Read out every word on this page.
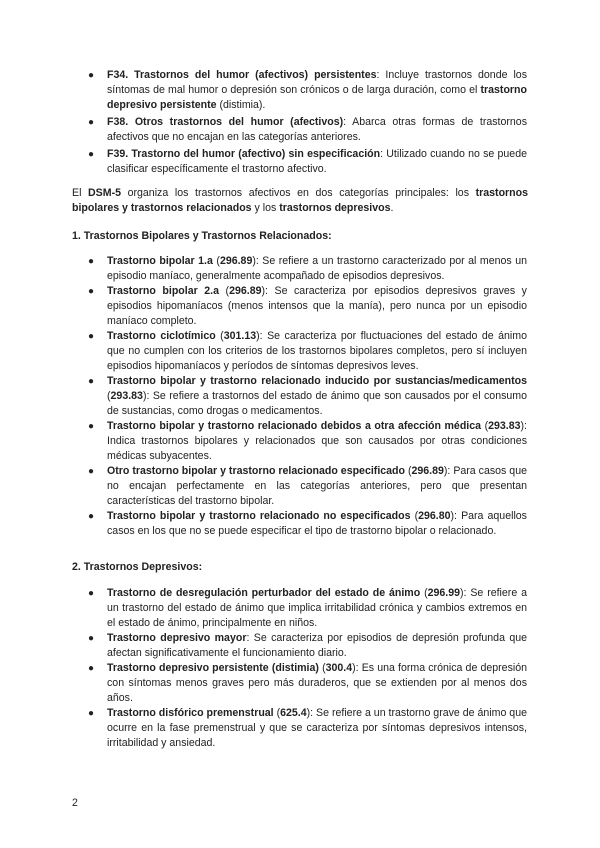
● F34. Trastornos del humor (afectivos) persistentes: Incluye trastornos donde los síntomas de mal humor o depresión son crónicos o de larga duración, como el trastorno depresivo persistente (distimia).
● F38. Otros trastornos del humor (afectivos): Abarca otras formas de trastornos afectivos que no encajan en las categorías anteriores.
● F39. Trastorno del humor (afectivo) sin especificación: Utilizado cuando no se puede clasificar específicamente el trastorno afectivo.

El DSM-5 organiza los trastornos afectivos en dos categorías principales: los trastornos bipolares y trastornos relacionados y los trastornos depresivos.

1. Trastornos Bipolares y Trastornos Relacionados:
● Trastorno bipolar 1.a (296.89): Se refiere a un trastorno caracterizado por al menos un episodio maníaco, generalmente acompañado de episodios depresivos.
● Trastorno bipolar 2.a (296.89): Se caracteriza por episodios depresivos graves y episodios hipomaníacos (menos intensos que la manía), pero nunca por un episodio maníaco completo.
● Trastorno ciclotímico (301.13): Se caracteriza por fluctuaciones del estado de ánimo que no cumplen con los criterios de los trastornos bipolares completos, pero sí incluyen episodios hipomaníacos y períodos de síntomas depresivos leves.
● Trastorno bipolar y trastorno relacionado inducido por sustancias/medicamentos (293.83): Se refiere a trastornos del estado de ánimo que son causados por el consumo de sustancias, como drogas o medicamentos.
● Trastorno bipolar y trastorno relacionado debidos a otra afección médica (293.83): Indica trastornos bipolares y relacionados que son causados por otras condiciones médicas subyacentes.
● Otro trastorno bipolar y trastorno relacionado especificado (296.89): Para casos que no encajan perfectamente en las categorías anteriores, pero que presentan características del trastorno bipolar.
● Trastorno bipolar y trastorno relacionado no especificados (296.80): Para aquellos casos en los que no se puede especificar el tipo de trastorno bipolar o relacionado.
2. Trastornos Depresivos:
● Trastorno de desregulación perturbador del estado de ánimo (296.99): Se refiere a un trastorno del estado de ánimo que implica irritabilidad crónica y cambios extremos en el estado de ánimo, principalmente en niños.
● Trastorno depresivo mayor: Se caracteriza por episodios de depresión profunda que afectan significativamente el funcionamiento diario.
● Trastorno depresivo persistente (distimia) (300.4): Es una forma crónica de depresión con síntomas menos graves pero más duraderos, que se extienden por al menos dos años.
● Trastorno disfórico premenstrual (625.4): Se refiere a un trastorno grave de ánimo que ocurre en la fase premenstrual y que se caracteriza por síntomas depresivos intensos, irritabilidad y ansiedad.
2
